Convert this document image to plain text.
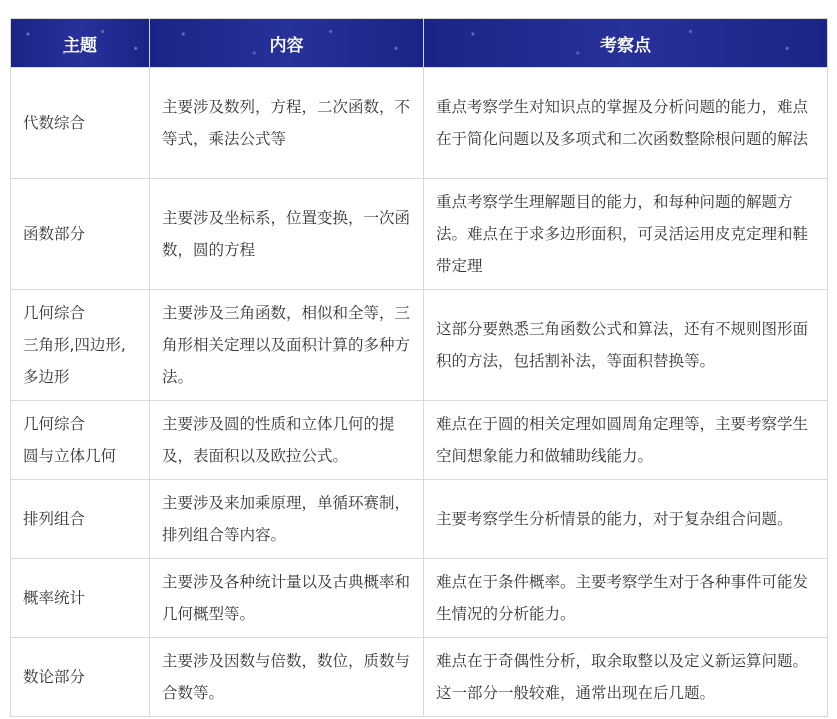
主题	内容	考察点
代数综合	主要涉及数列，方程，二次函数，不等式，乘法公式等	重点考察学生对知识点的掌握及分析问题的能力，难点在于简化问题以及多项式和二次函数整除根问题的解法
函数部分	主要涉及坐标系，位置变换，一次函数，圆的方程	重点考察学生理解题目的能力，和每种问题的解题方法。难点在于求多边形面积，可灵活运用皮克定理和鞋带定理

几何综合
三角形,四边形,
多边形	主要涉及三角函数，相似和全等，三角形相关定理以及面积计算的多种方法。	这部分要熟悉三角函数公式和算法，还有不规则图形面积的方法，包括割补法，等面积替换等。

几何综合
圆与立体几何	主要涉及圆的性质和立体几何的提及，表面积以及欧拉公式。	难点在于圆的相关定理如圆周角定理等，主要考察学生空间想象能力和做辅助线能力。
排列组合	主要涉及来加乘原理，单循环赛制，排列组合等内容。	主要考察学生分析情景的能力，对于复杂组合问题。
概率统计	主要涉及各种统计量以及古典概率和几何概型等。	难点在于条件概率。主要考察学生对于各种事件可能发生情况的分析能力。
数论部分	主要涉及因数与倍数，数位，质数与合数等。	难点在于奇偶性分析，取余取整以及定义新运算问题。这一部分一般较难，通常出现在后几题。
